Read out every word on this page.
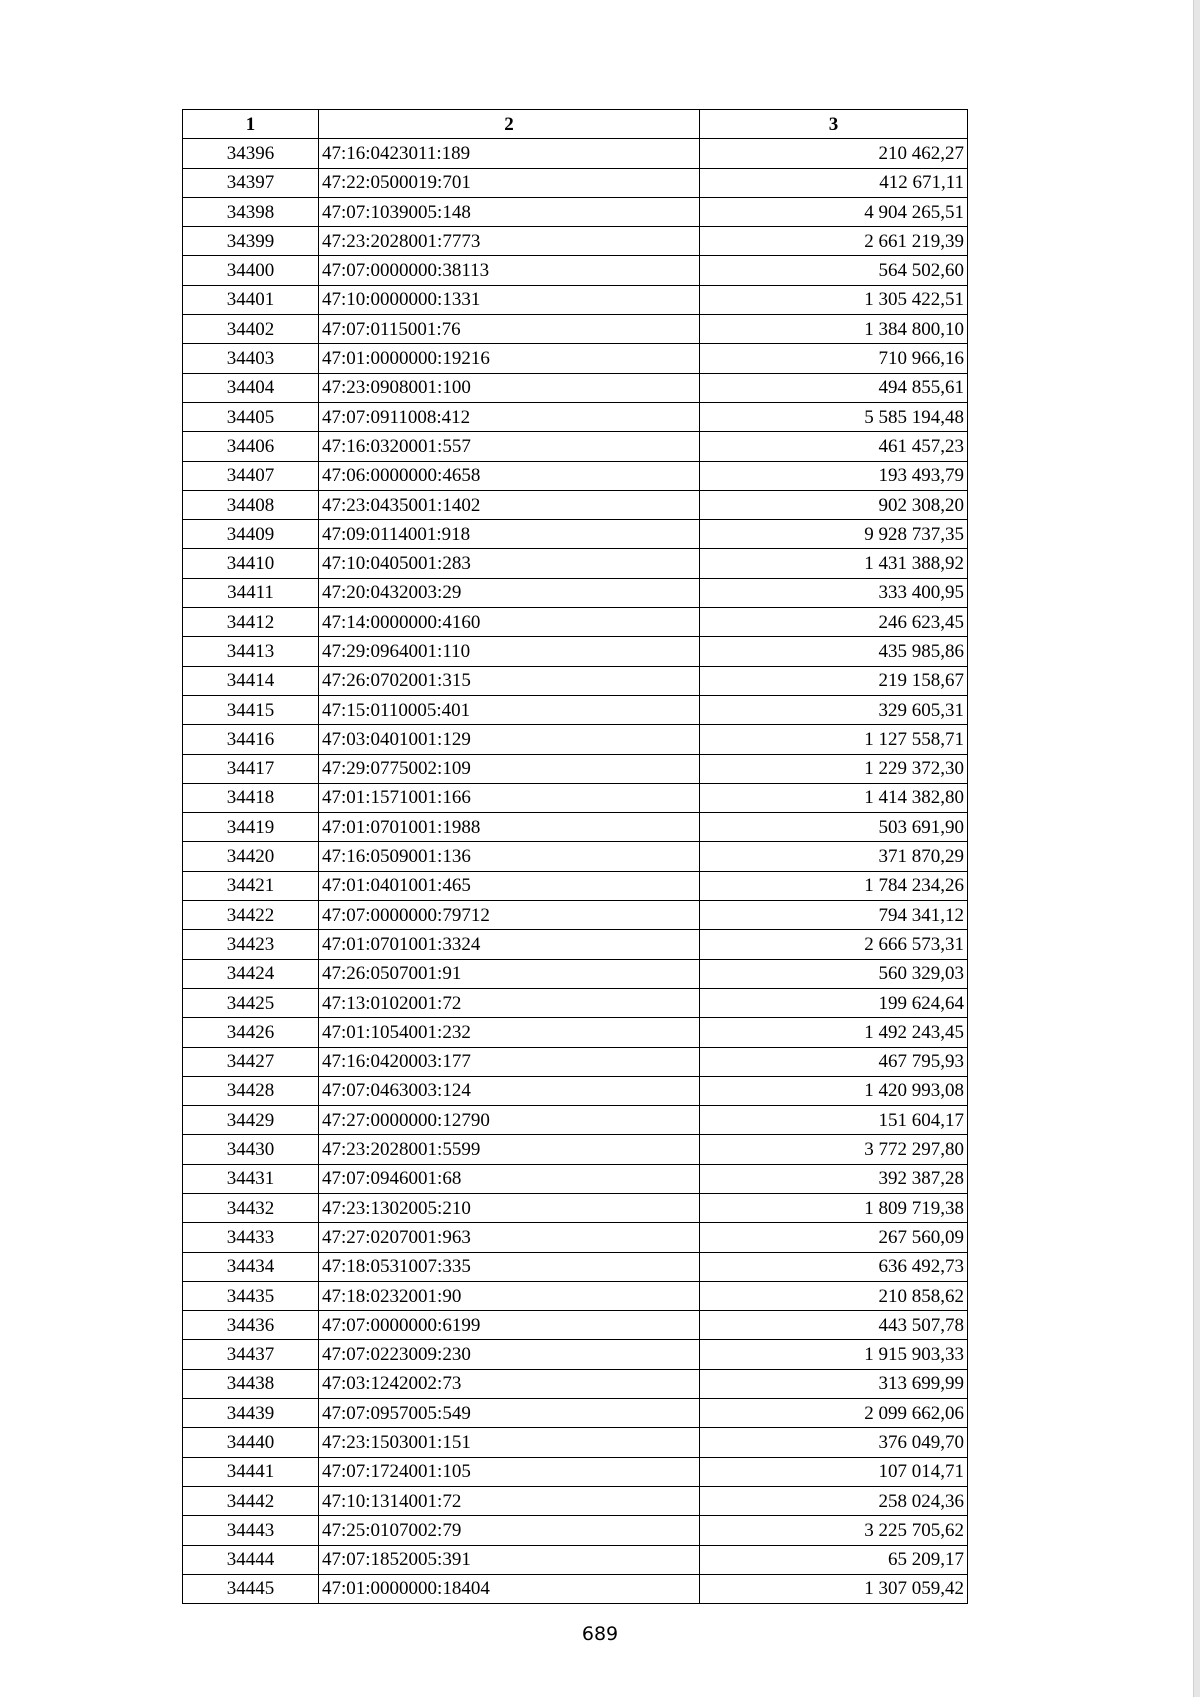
1	2	3
34396	47:16:0423011:189	210 462,27
34397	47:22:0500019:701	412 671,11
34398	47:07:1039005:148	4 904 265,51
34399	47:23:2028001:7773	2 661 219,39
34400	47:07:0000000:38113	564 502,60
34401	47:10:0000000:1331	1 305 422,51
34402	47:07:0115001:76	1 384 800,10
34403	47:01:0000000:19216	710 966,16
34404	47:23:0908001:100	494 855,61
34405	47:07:0911008:412	5 585 194,48
34406	47:16:0320001:557	461 457,23
34407	47:06:0000000:4658	193 493,79
34408	47:23:0435001:1402	902 308,20
34409	47:09:0114001:918	9 928 737,35
34410	47:10:0405001:283	1 431 388,92
34411	47:20:0432003:29	333 400,95
34412	47:14:0000000:4160	246 623,45
34413	47:29:0964001:110	435 985,86
34414	47:26:0702001:315	219 158,67
34415	47:15:0110005:401	329 605,31
34416	47:03:0401001:129	1 127 558,71
34417	47:29:0775002:109	1 229 372,30
34418	47:01:1571001:166	1 414 382,80
34419	47:01:0701001:1988	503 691,90
34420	47:16:0509001:136	371 870,29
34421	47:01:0401001:465	1 784 234,26
34422	47:07:0000000:79712	794 341,12
34423	47:01:0701001:3324	2 666 573,31
34424	47:26:0507001:91	560 329,03
34425	47:13:0102001:72	199 624,64
34426	47:01:1054001:232	1 492 243,45
34427	47:16:0420003:177	467 795,93
34428	47:07:0463003:124	1 420 993,08
34429	47:27:0000000:12790	151 604,17
34430	47:23:2028001:5599	3 772 297,80
34431	47:07:0946001:68	392 387,28
34432	47:23:1302005:210	1 809 719,38
34433	47:27:0207001:963	267 560,09
34434	47:18:0531007:335	636 492,73
34435	47:18:0232001:90	210 858,62
34436	47:07:0000000:6199	443 507,78
34437	47:07:0223009:230	1 915 903,33
34438	47:03:1242002:73	313 699,99
34439	47:07:0957005:549	2 099 662,06
34440	47:23:1503001:151	376 049,70
34441	47:07:1724001:105	107 014,71
34442	47:10:1314001:72	258 024,36
34443	47:25:0107002:79	3 225 705,62
34444	47:07:1852005:391	65 209,17
34445	47:01:0000000:18404	1 307 059,42
689
